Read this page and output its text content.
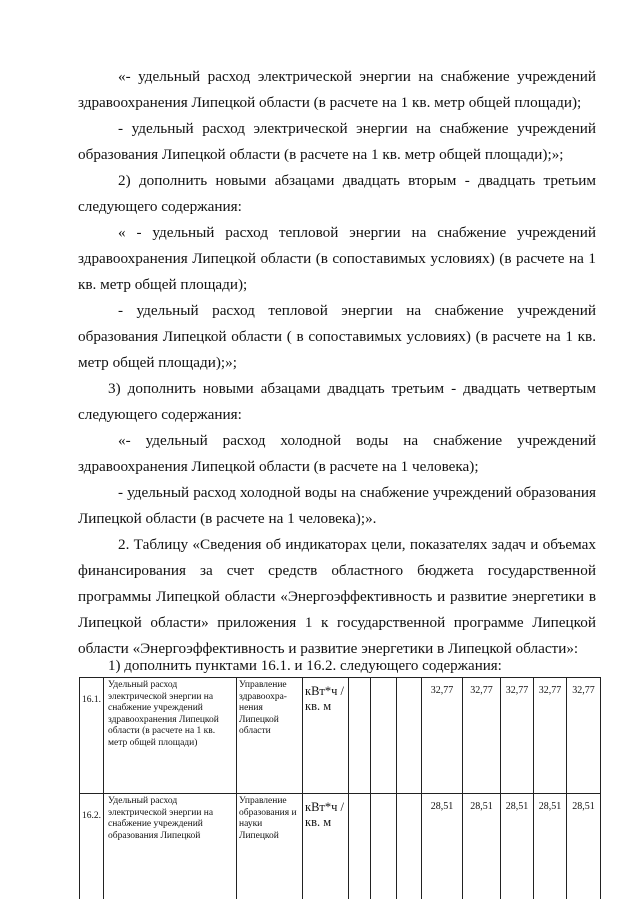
«- удельный расход электрической энергии на снабжение учреждений здравоохранения Липецкой области (в расчете на 1 кв. метр общей площади);

- удельный расход электрической энергии на снабжение учреждений образования Липецкой области (в расчете на 1 кв. метр общей площади);»;

2) дополнить новыми абзацами двадцать вторым - двадцать третьим следующего содержания:

« - удельный расход тепловой энергии на снабжение учреждений здравоохранения Липецкой области (в сопоставимых условиях) (в расчете на 1 кв. метр общей площади);

- удельный расход тепловой энергии на снабжение учреждений образования Липецкой области ( в сопоставимых условиях) (в расчете на 1 кв. метр общей площади);»;

3) дополнить новыми абзацами двадцать третьим - двадцать четвертым следующего содержания:

«- удельный расход холодной воды на снабжение учреждений здравоохранения Липецкой области (в расчете на 1 человека);

- удельный расход холодной воды на снабжение учреждений образования Липецкой области (в расчете на 1 человека);».

2. Таблицу «Сведения об индикаторах цели, показателях задач и объемах финансирования за счет средств областного бюджета государственной программы Липецкой области «Энергоэффективность и развитие энергетики в Липецкой области» приложения 1 к государственной программе Липецкой области «Энергоэффективность и развитие энергетики в Липецкой области»:

1) дополнить пунктами 16.1. и 16.2. следующего содержания:

16.1.	Удельный расход электрической энергии на снабжение учреждений здравоохранения Липецкой области (в расчете на 1 кв. метр общей площади)	Управление здравоохра-нения Липецкой области	кВт*ч /кв. м				32,77	32,77	32,77	32,77	32,77
16.2.	Удельный расход электрической энергии на снабжение учреждений образования Липецкой	Управление образования и науки Липецкой	кВт*ч /кв. м				28,51	28,51	28,51	28,51	28,51
